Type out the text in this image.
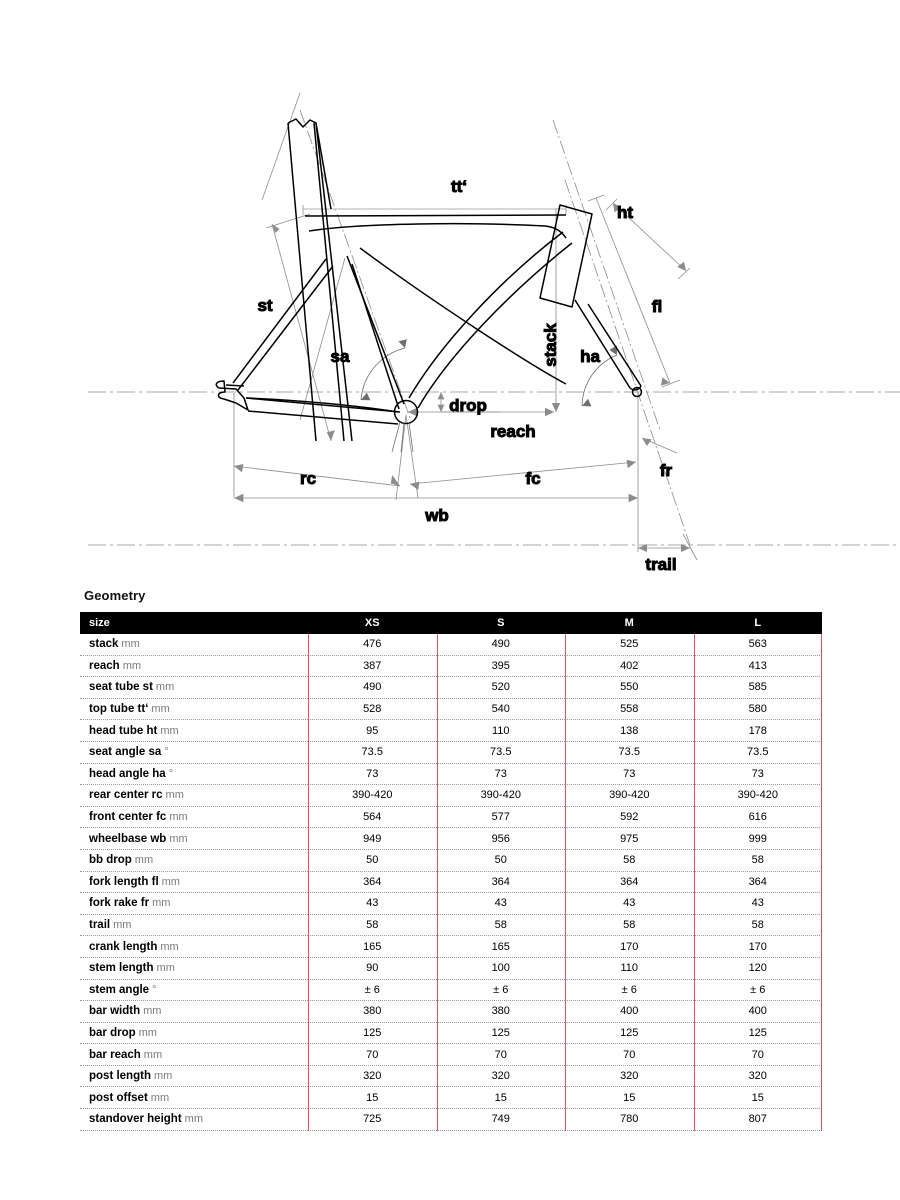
tt‘
ht
fl
st
sa	stack ha
drop
reach
rc	fc	fr
wb
trail
Geometry
size	XS	S	M	L
stack mm	476	490	525	563
reach mm	387	395	402	413
seat tube st mm	490	520	550	585
top tube tt‘ mm	528	540	558	580
head tube ht mm	95	110	138	178
seat angle sa °	73.5	73.5	73.5	73.5
head angle ha °	73	73	73	73
rear center rc mm	390-420	390-420	390-420	390-420
front center fc mm	564	577	592	616
wheelbase wb mm	949	956	975	999
bb drop mm	50	50	58	58
fork length fl mm	364	364	364	364
fork rake fr mm	43	43	43	43
trail mm	58	58	58	58
crank length mm	165	165	170	170
stem length mm	90	100	110	120
stem angle °	± 6	± 6	± 6	± 6
bar width mm	380	380	400	400
bar drop mm	125	125	125	125
bar reach mm	70	70	70	70
post length mm	320	320	320	320
post offset mm	15	15	15	15
standover height mm	725	749	780	807
